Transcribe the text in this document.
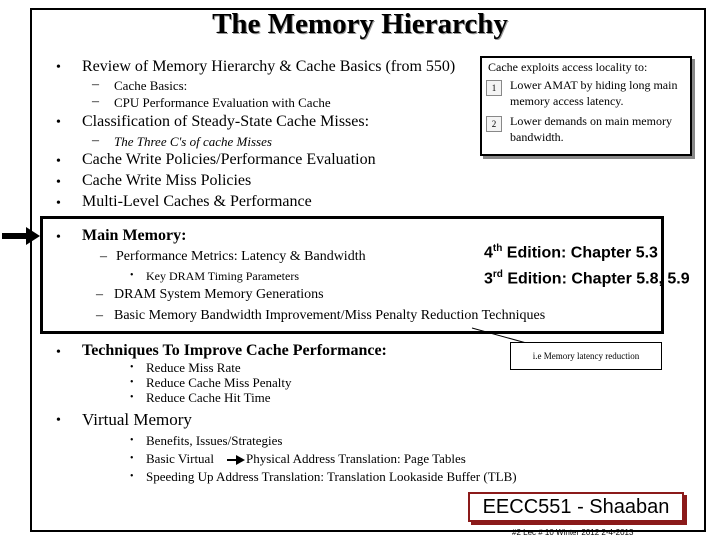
The Memory Hierarchy
• Review of Memory Hierarchy & Cache Basics (from 550)
– Cache Basics:
– CPU Performance Evaluation with Cache
• Classification of Steady-State Cache Misses:
– The Three C's of cache Misses
• Cache Write Policies/Performance Evaluation
• Cache Write Miss Policies
• Multi-Level Caches & Performance
Cache exploits access locality to:
1	Lower AMAT by hiding long main memory access latency.
2	Lower demands on main memory bandwidth.
• Main Memory:
– Performance Metrics: Latency & Bandwidth
• Key DRAM Timing Parameters
– DRAM System Memory Generations
– Basic Memory Bandwidth Improvement/Miss Penalty Reduction Techniques
4th Edition: Chapter 5.3
3rd Edition: Chapter 5.8, 5.9
• Techniques To Improve Cache Performance:	i.e Memory latency reduction
• Reduce Miss Rate
• Reduce Cache Miss Penalty
• Reduce Cache Hit Time
• Virtual Memory
• Benefits, Issues/Strategies
• Basic Virtual Physical Address Translation: Page Tables
• Speeding Up Address Translation: Translation Lookaside Buffer (TLB)
EECC551 - Shaaban
#2 Lec # 10 Winter 2012 2-4-2013
